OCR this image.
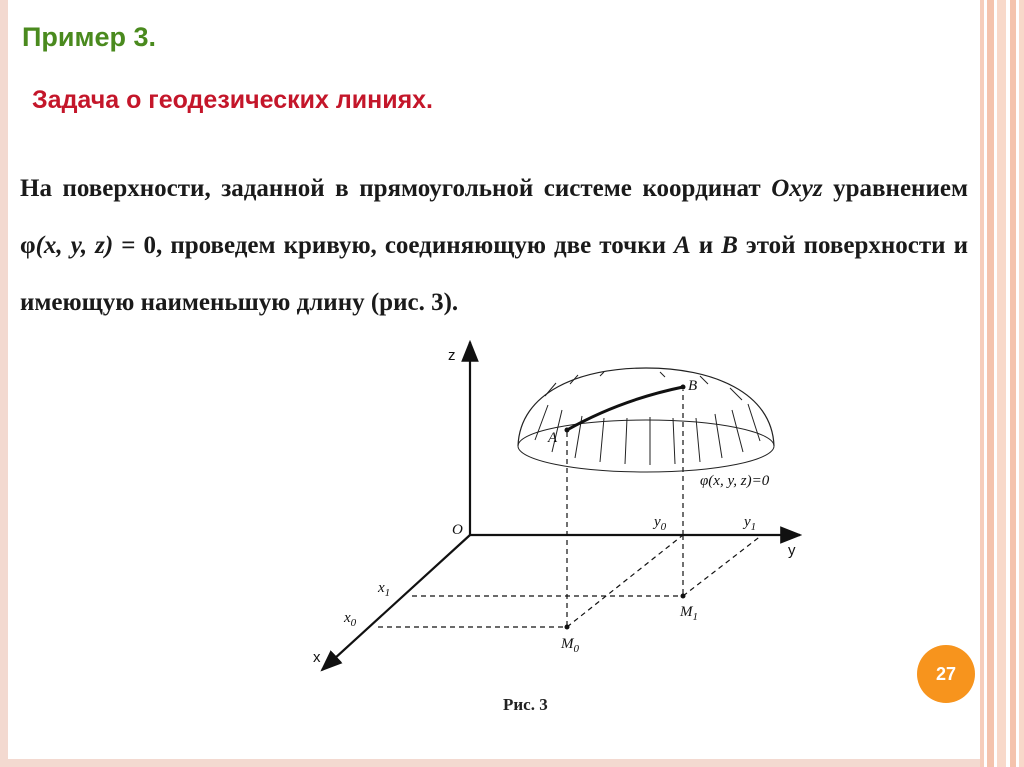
Пример 3.
Задача о геодезических линиях.

На поверхности, заданной в прямоугольной системе координат Oxyz уравнением φ(x, y, z) = 0, проведем кривую, соединяющую две точки A и B этой поверхности и имеющую наименьшую длину (рис. 3).

z
y
x
O
A
B
φ(x, y, z)=0
$y_0$	$y_1$
$x_1$
$x_0$
$M_0$
$M_1$
Рис. 3
27
